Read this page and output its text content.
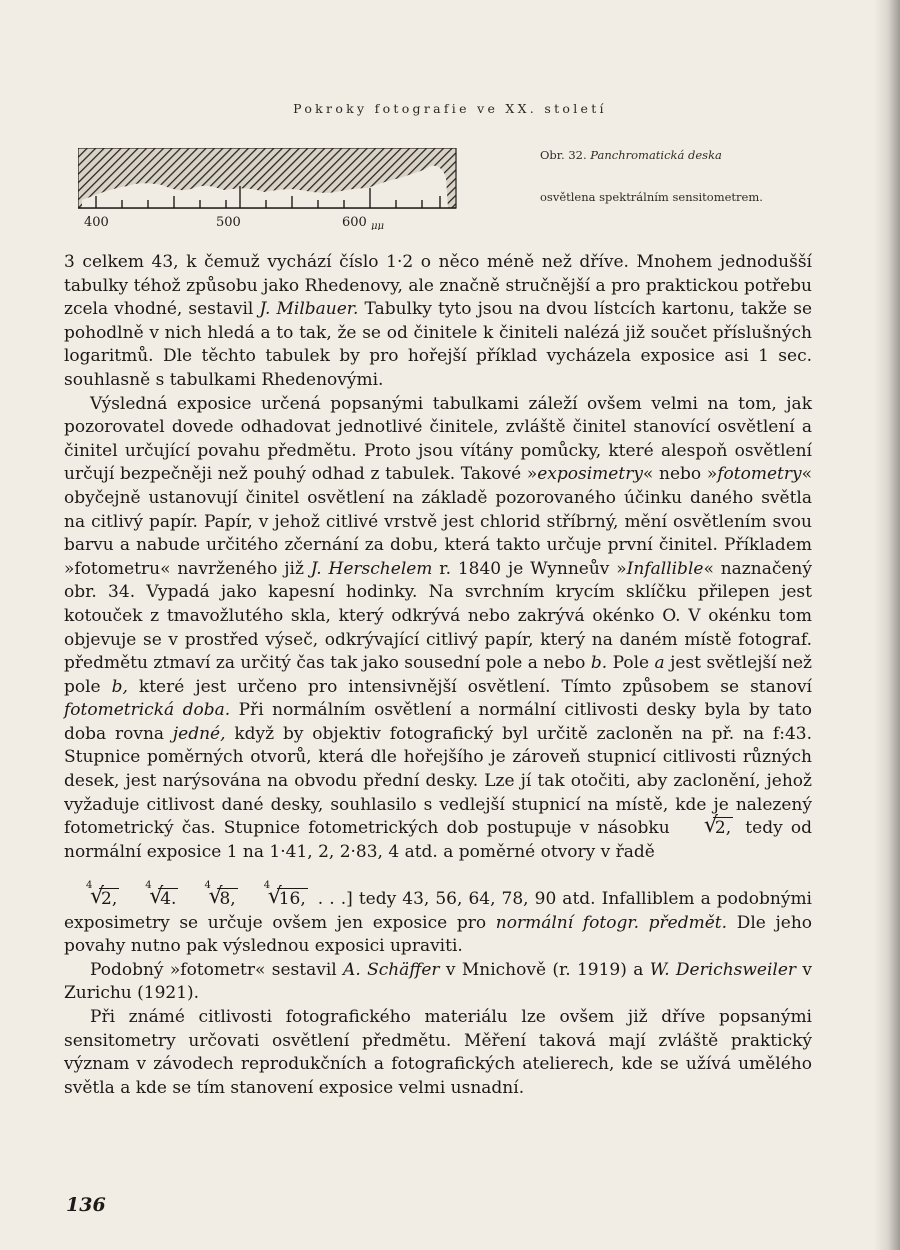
Pokroky fotografie ve XX. století
400	500	600 μμ
Obr. 32. Panchromatická deska
osvětlena spektrálním sensitometrem.

3 celkem 43, k čemuž vychází číslo 1·2 o něco méně než dříve. Mnohem jednodušší tabulky téhož způsobu jako Rhedenovy, ale značně stručnější a pro praktickou potřebu zcela vhodné, sestavil J. Milbauer. Tabulky tyto jsou na dvou lístcích kartonu, takže se pohodlně v nich hledá a to tak, že se od činitele k činiteli nalézá již součet příslušných logaritmů. Dle těchto tabulek by pro hořejší příklad vycházela exposice asi 1 sec. souhlasně s tabulkami Rhedenovými.

Výsledná exposice určená popsanými tabulkami záleží ovšem velmi na tom, jak pozorovatel dovede odhadovat jednotlivé činitele, zvláště činitel stanovící osvětlení a činitel určující povahu předmětu. Proto jsou vítány pomůcky, které alespoň osvětlení určují bezpečněji než pouhý odhad z tabulek. Takové »exposimetry« nebo »fotometry« obyčejně ustanovují činitel osvětlení na základě pozorovaného účinku daného světla na citlivý papír. Papír, v jehož citlivé vrstvě jest chlorid stříbrný, mění osvětlením svou barvu a nabude určitého zčernání za dobu, která takto určuje první činitel. Příkladem »fotometru« navrženého již J. Herschelem r. 1840 je Wynneův »Infallible« naznačený obr. 34. Vypadá jako kapesní hodinky. Na svrchním krycím sklíčku přilepen jest kotouček z tmavožlutého skla, který odkrývá nebo zakrývá okénko O. V okénku tom objevuje se v prostřed výseč, odkrývající citlivý papír, který na daném místě fotograf. předmětu ztmaví za určitý čas tak jako sousední pole a nebo b. Pole a jest světlejší než pole b, které jest určeno pro intensivnější osvětlení. Tímto způsobem se stanoví fotometrická doba. Při normálním osvětlení a normální citlivosti desky byla by tato doba rovna jedné, když by objektiv fotografický byl určitě zacloněn na př. na f:43. Stupnice poměrných otvorů, která dle hořejšího je zároveň stupnicí citlivosti různých desek, jest narýsována na obvodu přední desky. Lze jí tak otočiti, aby zaclonění, jehož vyžaduje citlivost dané desky, souhlasilo s vedlejší stupnicí na místě, kde je nalezený fotometrický čas. Stupnice fotometrických dob postupuje v násobku	√
2, tedy od normální exposice 1 na 1·41, 2, 2·83, 4 atd. a poměrné otvory v řadě

4
√
2,
4
√
4.
4
√
8,
4
√
16, . . .] tedy 43, 56, 64, 78, 90 atd. Infalliblem a podobnými exposimetry se určuje ovšem jen exposice pro normální fotogr. předmět. Dle jeho povahy nutno pak výslednou exposici upraviti.

Podobný »fotometr« sestavil A. Schäffer v Mnichově (r. 1919) a W. Derichsweiler v Zurichu (1921).

Při známé citlivosti fotografického materiálu lze ovšem již dříve popsanými sensitometry určovati osvětlení předmětu. Měření taková mají zvláště praktický význam v závodech reprodukčních a fotografických atelierech, kde se užívá umělého světla a kde se tím stanovení exposice velmi usnadní.

136
